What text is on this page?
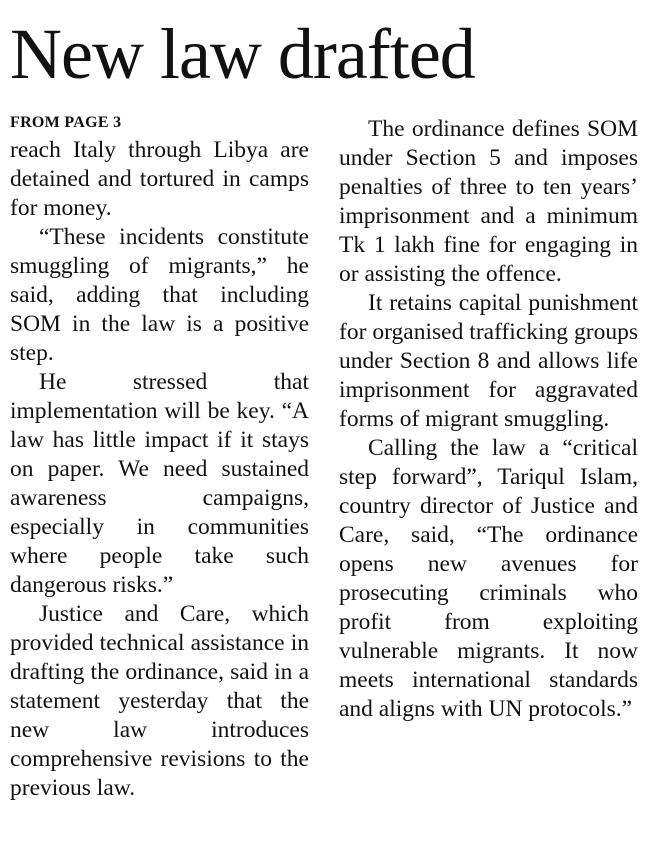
New law drafted
FROM PAGE 3

reach Italy through Libya are detained and tortured in camps for money.

“These incidents constitute smuggling of migrants,” he said, adding that including SOM in the law is a positive step.

He stressed that implementation will be key. “A law has little impact if it stays on paper. We need sustained awareness campaigns, especially in communities where people take such dangerous risks.”

Justice and Care, which provided technical assistance in drafting the ordinance, said in a statement yesterday that the new law introduces comprehensive revisions to the previous law.

The ordinance defines SOM under Section 5 and imposes penalties of three to ten years’ imprisonment and a minimum Tk 1 lakh fine for engaging in or assisting the offence.

It retains capital punishment for organised trafficking groups under Section 8 and allows life imprisonment for aggravated forms of migrant smuggling.

Calling the law a “critical step forward”, Tariqul Islam, country director of Justice and Care, said, “The ordinance opens new avenues for prosecuting criminals who profit from exploiting vulnerable migrants. It now meets international standards and aligns with UN protocols.”
